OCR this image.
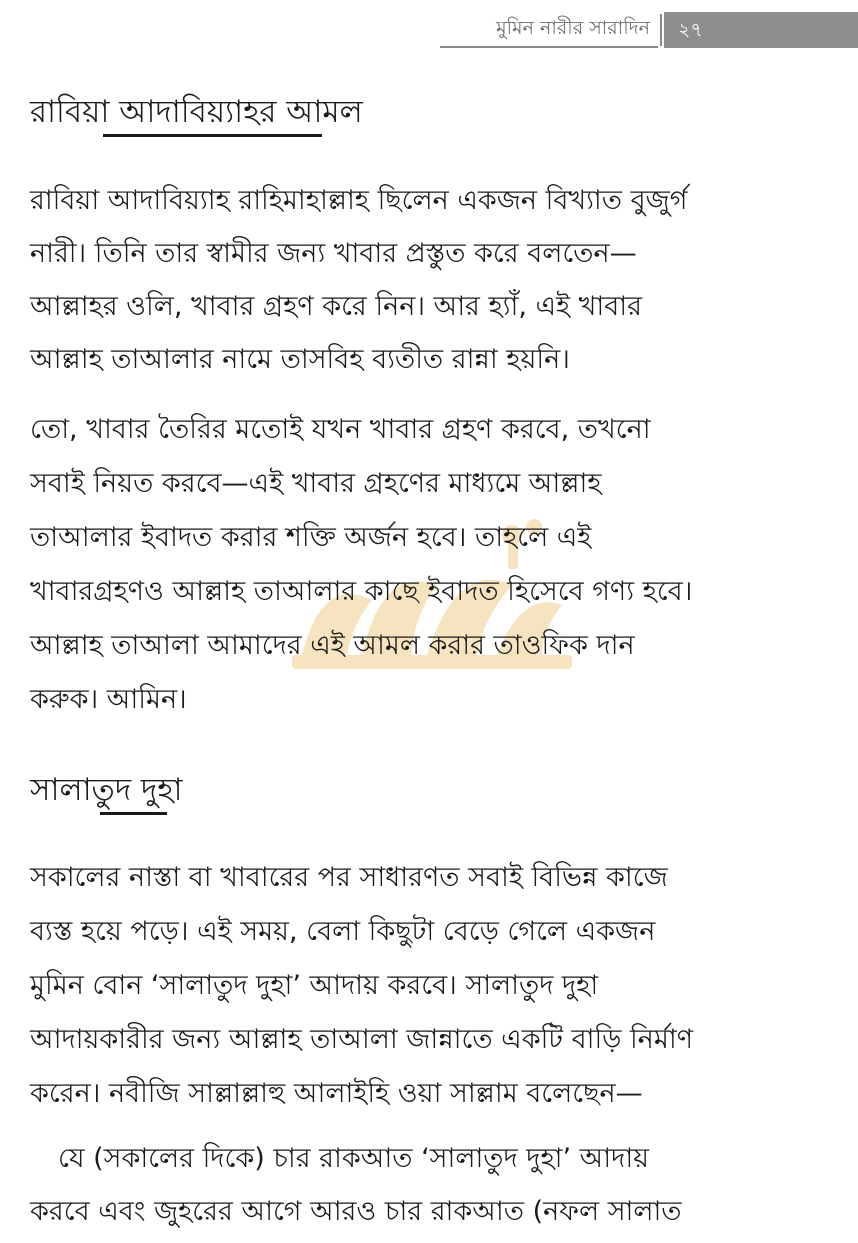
মুমিন নারীর সারাদিন	২৭
রাবিয়া আদাবিয়্যাহর আমল
রাবিয়া আদাবিয়্যাহ রাহিমাহাল্লাহ ছিলেন একজন বিখ্যাত বুজুর্গ
নারী। তিনি তার স্বামীর জন্য খাবার প্রস্তুত করে বলতেন—
আল্লাহর ওলি, খাবার গ্রহণ করে নিন। আর হ্যাঁ, এই খাবার
আল্লাহ তাআলার নামে তাসবিহ ব্যতীত রান্না হয়নি।
তো, খাবার তৈরির মতোই যখন খাবার গ্রহণ করবে, তখনো
সবাই নিয়ত করবে—এই খাবার গ্রহণের মাধ্যমে আল্লাহ
তাআলার ইবাদত করার শক্তি অর্জন হবে। তাহলে এই
খাবারগ্রহণও আল্লাহ তাআলার কাছে ইবাদত হিসেবে গণ্য হবে।
আল্লাহ তাআলা আমাদের এই আমল করার তাওফিক দান
করুক। আমিন।
সালাতুদ দুহা
সকালের নাস্তা বা খাবারের পর সাধারণত সবাই বিভিন্ন কাজে
ব্যস্ত হয়ে পড়ে। এই সময়, বেলা কিছুটা বেড়ে গেলে একজন
মুমিন বোন ‘সালাতুদ দুহা’ আদায় করবে। সালাতুদ দুহা
আদায়কারীর জন্য আল্লাহ তাআলা জান্নাতে একটি বাড়ি নির্মাণ
করেন। নবীজি সাল্লাল্লাহু আলাইহি ওয়া সাল্লাম বলেছেন—
যে (সকালের দিকে) চার রাকআত ‘সালাতুদ দুহা’ আদায়
করবে এবং জুহরের আগে আরও চার রাকআত (নফল সালাত
